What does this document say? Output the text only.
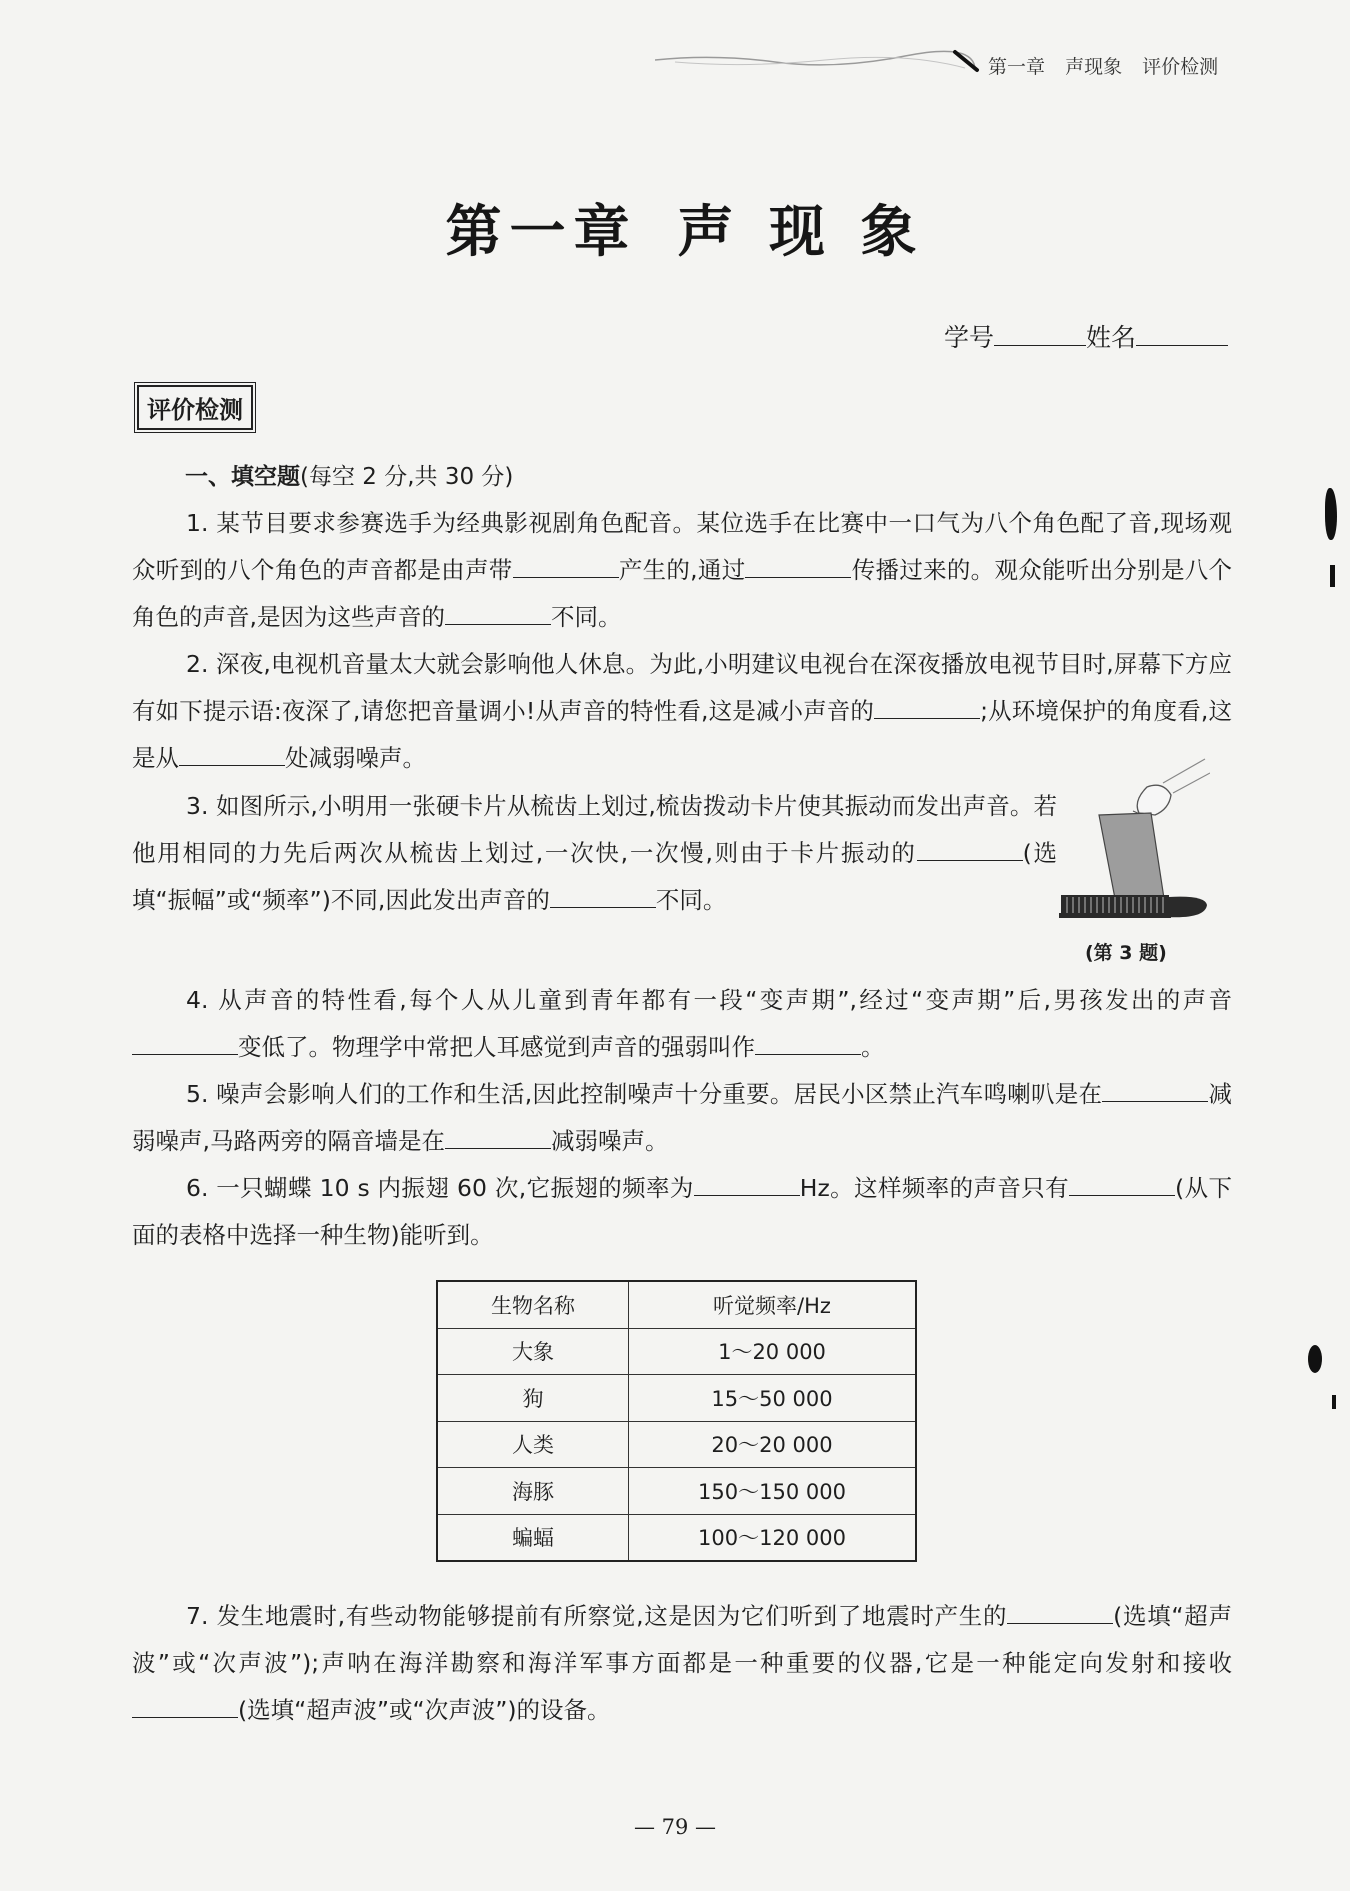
第一章 声现象 评价检测
第一章 声 现 象
学号	姓名
评价检测
一、填空题(每空 2 分,共 30 分)
1. 某节目要求参赛选手为经典影视剧角色配音。某位选手在比赛中一口气为八个角色配了音,现场观众听到的八个角色的声音都是由声带	产生的,通过	传播过来的。观众能听出分别是八个角色的声音,是因为这些声音的	不同。
2. 深夜,电视机音量太大就会影响他人休息。为此,小明建议电视台在深夜播放电视节目时,屏幕下方应有如下提示语:夜深了,请您把音量调小!从声音的特性看,这是减小声音的	;从环境保护的角度看,这是从	处减弱噪声。
3. 如图所示,小明用一张硬卡片从梳齿上划过,梳齿拨动卡片使其振动而发出声音。若他用相同的力先后两次从梳齿上划过,一次快,一次慢,则由于卡片振动的	(选填“振幅”或“频率”)不同,因此发出声音的	不同。
(第 3 题)
4. 从声音的特性看,每个人从儿童到青年都有一段“变声期”,经过“变声期”后,男孩发出的声音变低了。物理学中常把人耳感觉到声音的强弱叫作	。
5. 噪声会影响人们的工作和生活,因此控制噪声十分重要。居民小区禁止汽车鸣喇叭是在	减弱噪声,马路两旁的隔音墙是在	减弱噪声。
6. 一只蝴蝶 10 s 内振翅 60 次,它振翅的频率为	Hz。这样频率的声音只有	(从下面的表格中选择一种生物)能听到。
生物名称	听觉频率/Hz
大象	1～20 000
狗	15～50 000
人类	20～20 000
海豚	150～150 000
蝙蝠	100～120 000
7. 发生地震时,有些动物能够提前有所察觉,这是因为它们听到了地震时产生的	(选填“超声波”或“次声波”);声呐在海洋勘察和海洋军事方面都是一种重要的仪器,它是一种能定向发射和接收(选填“超声波”或“次声波”)的设备。
— 79 —
